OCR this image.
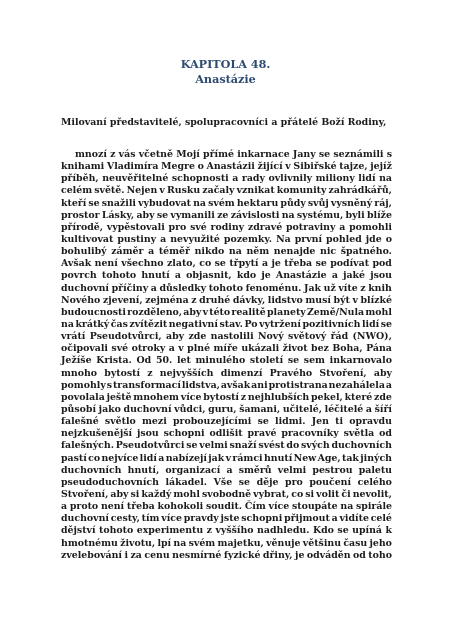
KAPITOLA 48.
Anastázie
Milovaní představitelé, spolupracovníci a přátelé Boží Rodiny,
mnozí z vás včetně Mojí přímé inkarnace Jany se seznámili s
knihami Vladimíra Megre o Anastázii žijící v Sibiřské tajze, jejíž
příběh, neuvěřitelné schopnosti a rady ovlivnily miliony lidí na
celém světě. Nejen v Rusku začaly vznikat komunity zahrádkářů,
kteří se snažili vybudovat na svém hektaru půdy svůj vysněný ráj,
prostor Lásky, aby se vymanili ze závislosti na systému, byli blíže
přírodě, vypěstovali pro své rodiny zdravé potraviny a pomohli
kultivovat pustiny a nevyužité pozemky. Na první pohled jde o
bohulibý záměr a téměř nikdo na něm nenajde nic špatného.
Avšak není všechno zlato, co se třpytí a je třeba se podívat pod
povrch tohoto hnutí a objasnit, kdo je Anastázie a jaké jsou
duchovní příčiny a důsledky tohoto fenoménu. Jak už víte z knih
Nového zjevení, zejména z druhé dávky, lidstvo musí být v blízké
budoucnosti rozděleno, aby v této realitě planety Země/Nula mohl
na krátký čas zvítězit negativní stav. Po vytržení pozitivních lidí se
vrátí Pseudotvůrci, aby zde nastolili Nový světový řád (NWO),
očipovali své otroky a v plné míře ukázali život bez Boha, Pána
Ježíše Krista. Od 50. let minulého století se sem inkarnovalo
mnoho bytostí z nejvyšších dimenzí Pravého Stvoření, aby
pomohly s transformací lidstva, avšak ani protistrana nezahálela a
povolala ještě mnohem více bytostí z nejhlubších pekel, které zde
působí jako duchovní vůdci, guru, šamani, učitelé, léčitelé a šíří
falešné světlo mezi probouzejícími se lidmi. Jen ti opravdu
nejzkušenější jsou schopni odlišit pravé pracovníky světla od
falešných. Pseudotvůrci se velmi snaží svést do svých duchovních
pastí co nejvíce lidí a nabízejí jak v rámci hnutí New Age, tak jiných
duchovních hnutí, organizací a směrů velmi pestrou paletu
pseudoduchovních lákadel. Vše se děje pro poučení celého
Stvoření, aby si každý mohl svobodně vybrat, co si volit či nevolit,
a proto není třeba kohokoli soudit. Čím více stoupáte na spirále
duchovní cesty, tím více pravdy jste schopni přijmout a vidíte celé
dějství tohoto experimentu z vyššího nadhledu. Kdo se upíná k
hmotnému životu, lpí na svém majetku, věnuje většinu času jeho
zvelebování i za cenu nesmírné fyzické dřiny, je odváděn od toho
